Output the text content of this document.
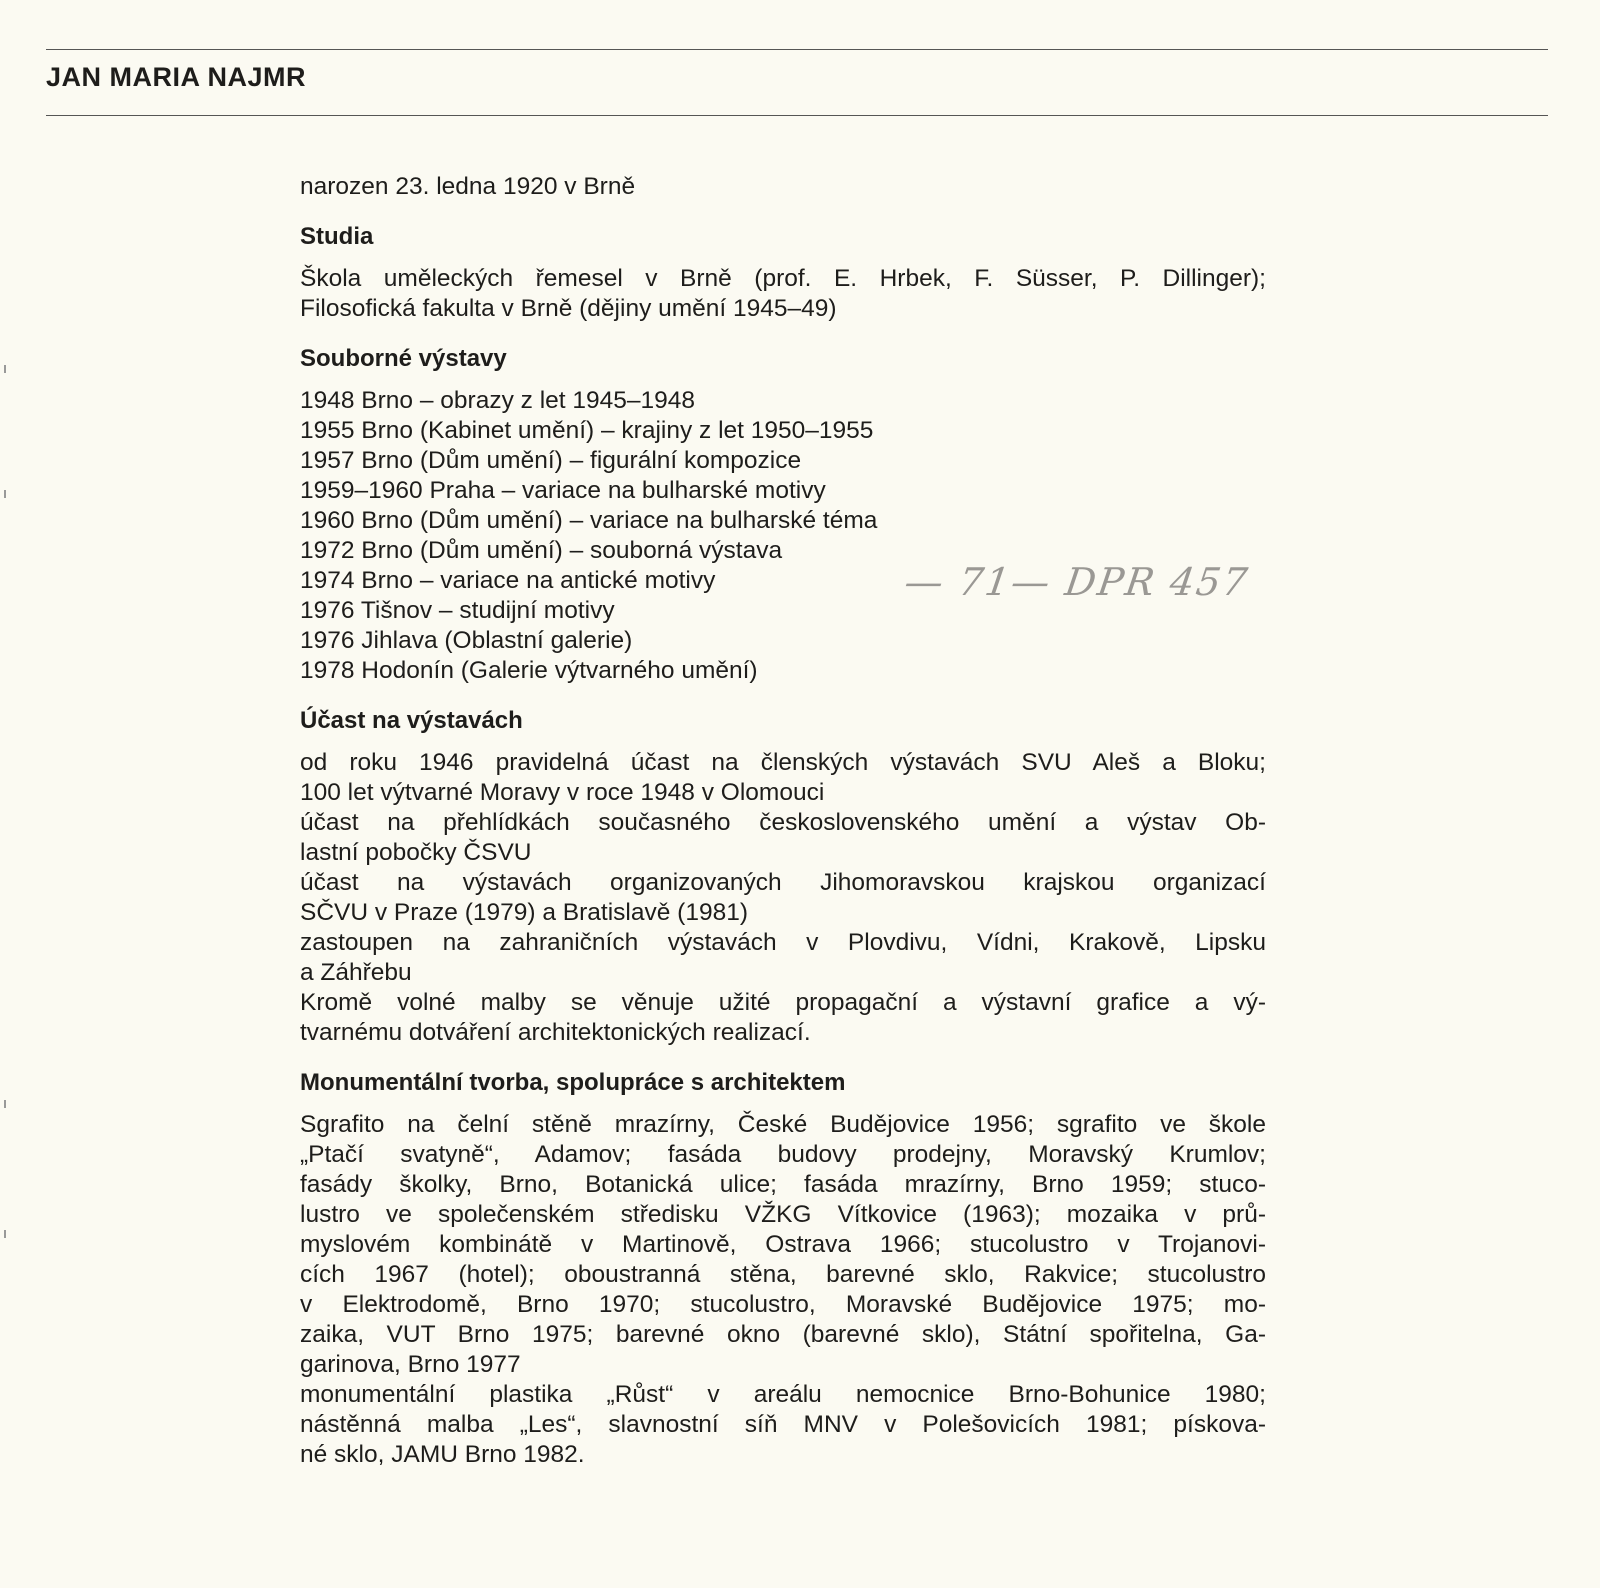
JAN MARIA NAJMR
narozen 23. ledna 1920 v Brně
Studia
Škola uměleckých řemesel v Brně (prof. E. Hrbek, F. Süsser, P. Dillinger);
Filosofická fakulta v Brně (dějiny umění 1945–49)
Souborné výstavy
1948 Brno – obrazy z let 1945–1948
1955 Brno (Kabinet umění) – krajiny z let 1950–1955
1957 Brno (Dům umění) – figurální kompozice
1959–1960 Praha – variace na bulharské motivy
1960 Brno (Dům umění) – variace na bulharské téma
1972 Brno (Dům umění) – souborná výstava
1974 Brno – variace na antické motivy
1976 Tišnov – studijní motivy
1976 Jihlava (Oblastní galerie)
1978 Hodonín (Galerie výtvarného umění)
Účast na výstavách
od roku 1946 pravidelná účast na členských výstavách SVU Aleš a Bloku;
100 let výtvarné Moravy v roce 1948 v Olomouci
účast na přehlídkách současného československého umění a výstav Ob-
lastní pobočky ČSVU
účast na výstavách organizovaných Jihomoravskou krajskou organizací
SČVU v Praze (1979) a Bratislavě (1981)
zastoupen na zahraničních výstavách v Plovdivu, Vídni, Krakově, Lipsku
a Záhřebu
Kromě volné malby se věnuje užité propagační a výstavní grafice a vý-
tvarnému dotváření architektonických realizací.
Monumentální tvorba, spolupráce s architektem
Sgrafito na čelní stěně mrazírny, České Budějovice 1956; sgrafito ve škole
„Ptačí svatyně“, Adamov; fasáda budovy prodejny, Moravský Krumlov;
fasády školky, Brno, Botanická ulice; fasáda mrazírny, Brno 1959; stuco-
lustro ve společenském středisku VŽKG Vítkovice (1963); mozaika v prů-
myslovém kombinátě v Martinově, Ostrava 1966; stucolustro v Trojanovi-
cích 1967 (hotel); oboustranná stěna, barevné sklo, Rakvice; stucolustro
v Elektrodomě, Brno 1970; stucolustro, Moravské Budějovice 1975; mo-
zaika, VUT Brno 1975; barevné okno (barevné sklo), Státní spořitelna, Ga-
garinova, Brno 1977
monumentální plastika „Růst“ v areálu nemocnice Brno-Bohunice 1980;
nástěnná malba „Les“, slavnostní síň MNV v Polešovicích 1981; pískova-
né sklo, JAMU Brno 1982.
— 71— DPR 457
